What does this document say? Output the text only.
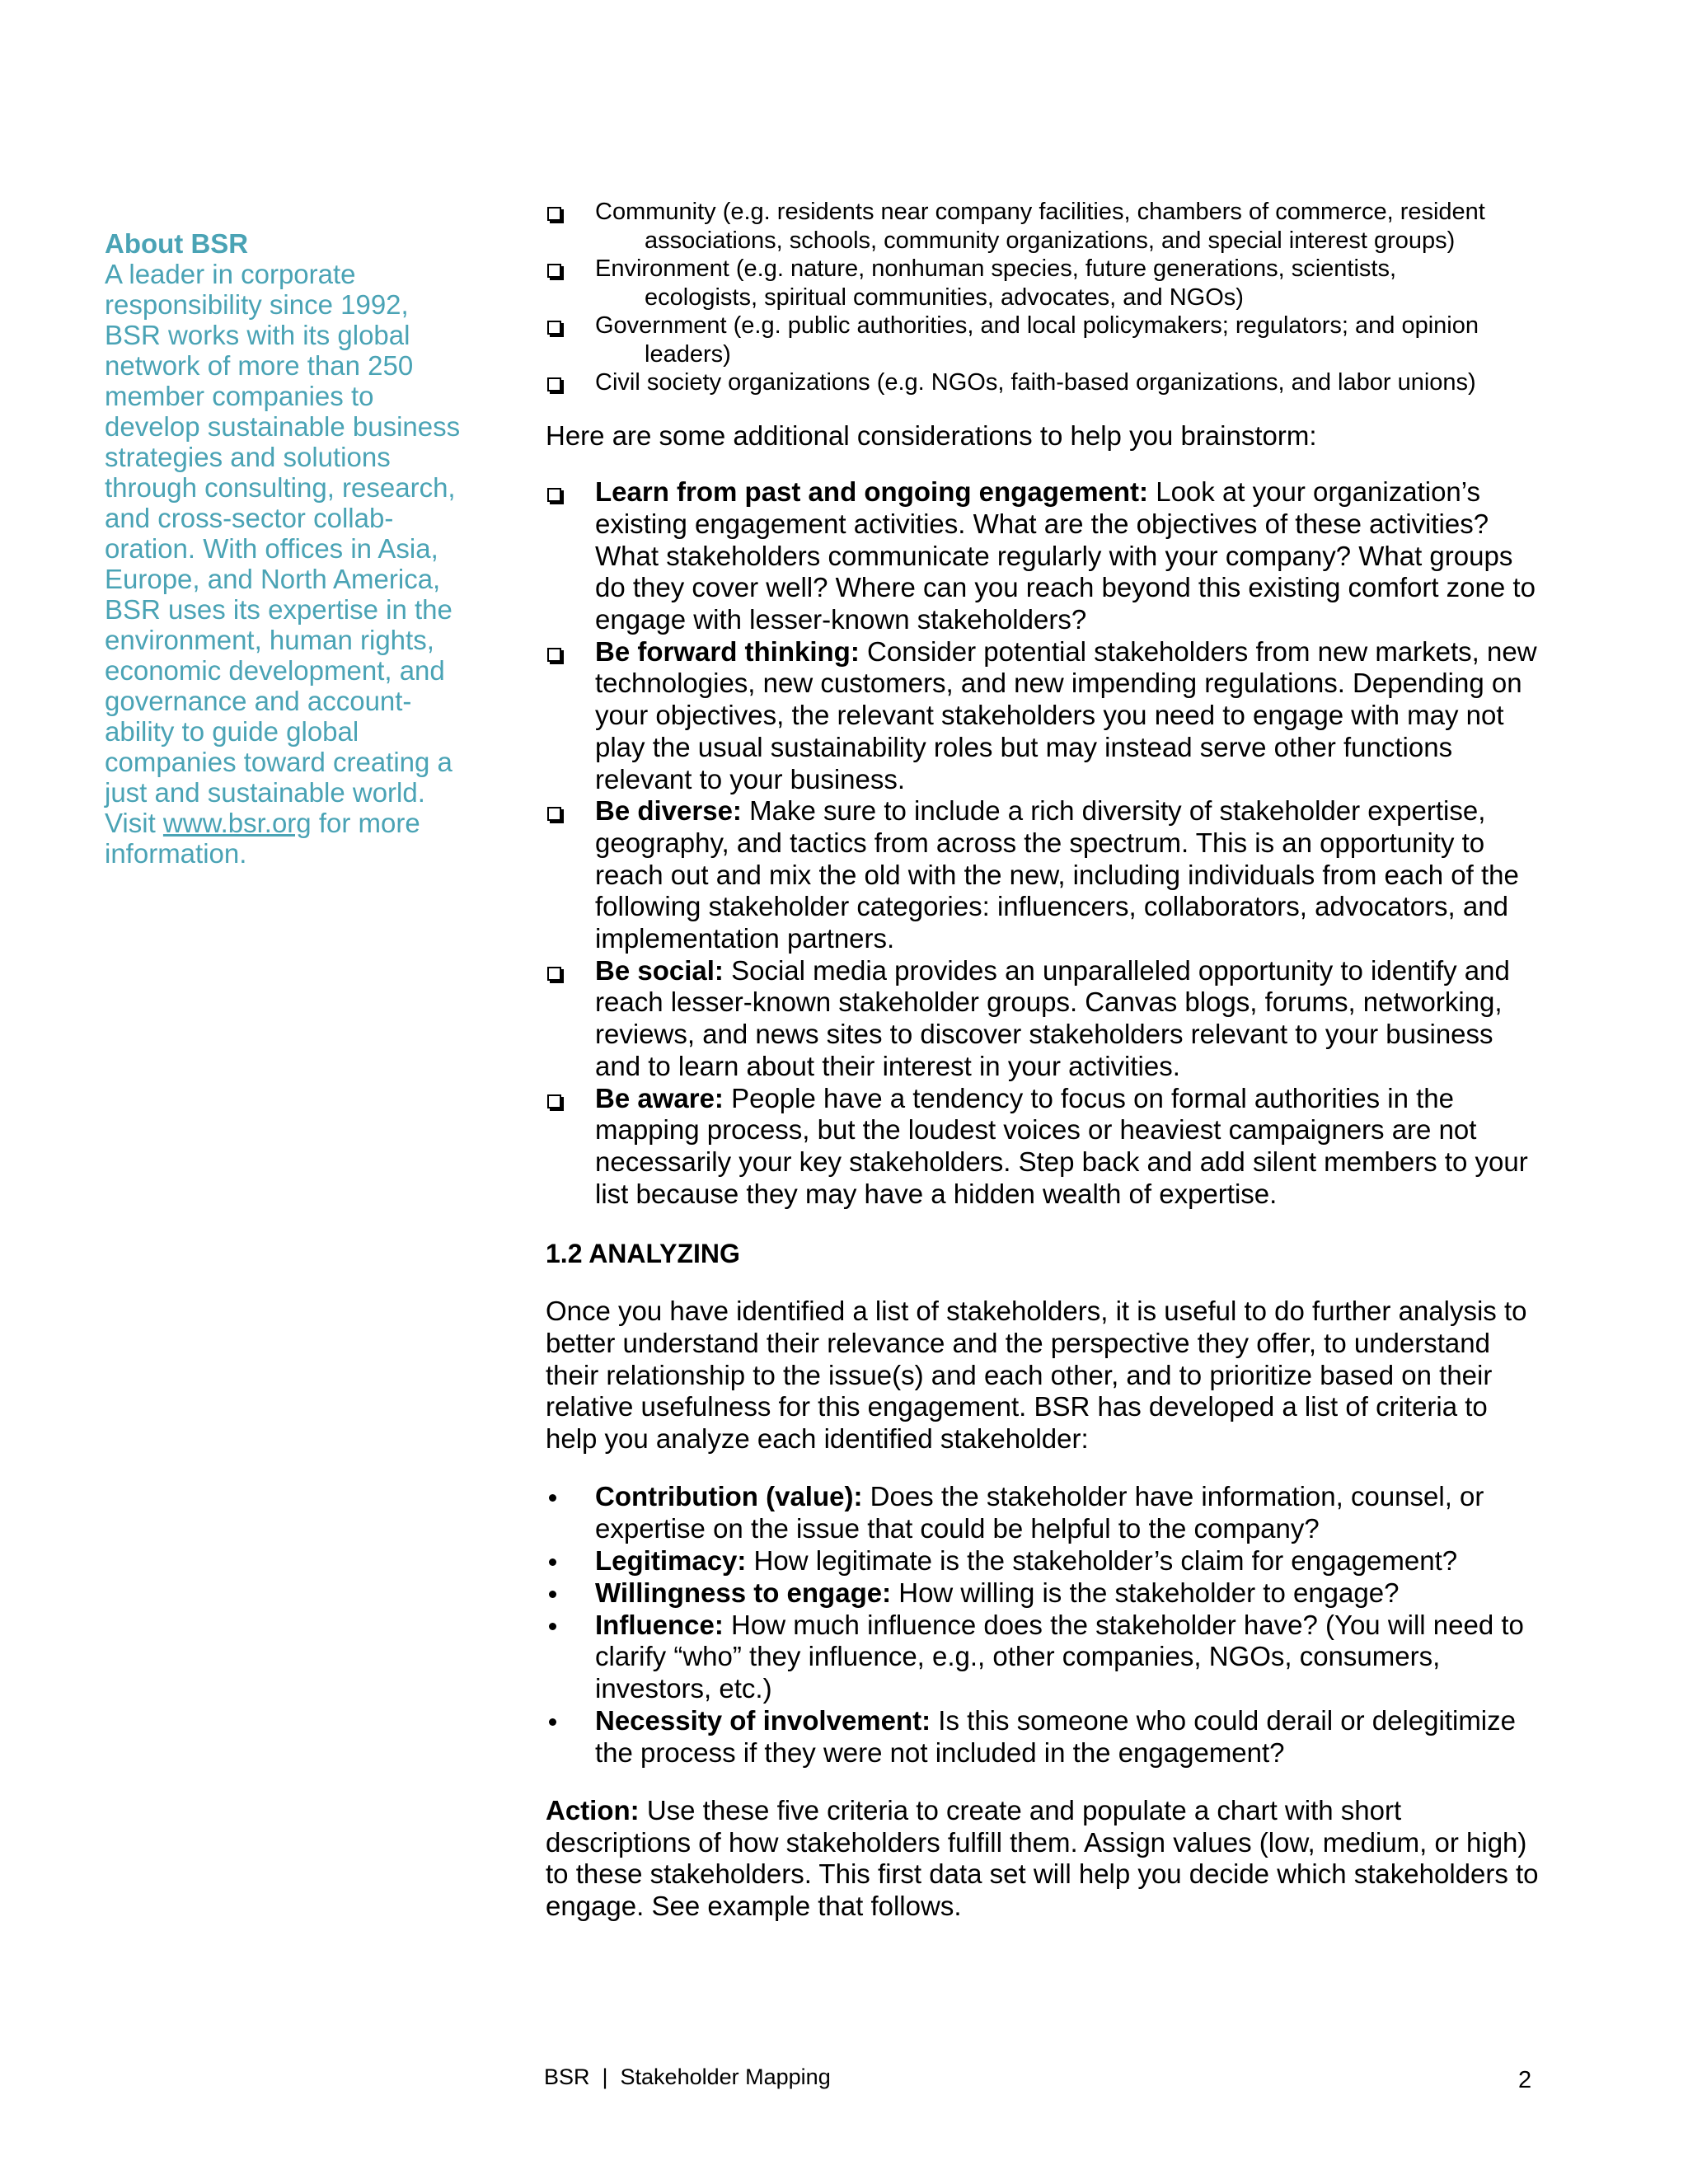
About BSR

A leader in corporate
responsibility since 1992,
BSR works with its global
network of more than 250
member companies to
develop sustainable business
strategies and solutions
through consulting, research,
and cross-sector collab-
oration. With offices in Asia,
Europe, and North America,
BSR uses its expertise in the
environment, human rights,
economic development, and
governance and account-
ability to guide global
companies toward creating a
just and sustainable world.
Visit www.bsr.org for more
information.
Community (e.g. residents near company facilities, chambers of commerce, resident
associations, schools, community organizations, and special interest groups)
Environment (e.g. nature, nonhuman species, future generations, scientists,
ecologists, spiritual communities, advocates, and NGOs)
Government (e.g. public authorities, and local policymakers; regulators; and opinion
leaders)
Civil society organizations (e.g. NGOs, faith-based organizations, and labor unions)

Here are some additional considerations to help you brainstorm:

Learn from past and ongoing engagement: Look at your organization’s existing engagement activities. What are the objectives of these activities? What stakeholders communicate regularly with your company? What groups do they cover well? Where can you reach beyond this existing comfort zone to engage with lesser-known stakeholders?
Be forward thinking: Consider potential stakeholders from new markets, new technologies, new customers, and new impending regulations. Depending on your objectives, the relevant stakeholders you need to engage with may not play the usual sustainability roles but may instead serve other functions relevant to your business.
Be diverse: Make sure to include a rich diversity of stakeholder expertise, geography, and tactics from across the spectrum. This is an opportunity to reach out and mix the old with the new, including individuals from each of the following stakeholder categories: influencers, collaborators, advocators, and implementation partners.
Be social: Social media provides an unparalleled opportunity to identify and reach lesser-known stakeholder groups. Canvas blogs, forums, networking, reviews, and news sites to discover stakeholders relevant to your business and to learn about their interest in your activities.
Be aware: People have a tendency to focus on formal authorities in the mapping process, but the loudest voices or heaviest campaigners are not necessarily your key stakeholders. Step back and add silent members to your list because they may have a hidden wealth of expertise.

1.2 ANALYZING

Once you have identified a list of stakeholders, it is useful to do further analysis to better understand their relevance and the perspective they offer, to understand their relationship to the issue(s) and each other, and to prioritize based on their relative usefulness for this engagement. BSR has developed a list of criteria to help you analyze each identified stakeholder:

Contribution (value): Does the stakeholder have information, counsel, or expertise on the issue that could be helpful to the company?
Legitimacy: How legitimate is the stakeholder’s claim for engagement?
Willingness to engage: How willing is the stakeholder to engage?
Influence: How much influence does the stakeholder have? (You will need to clarify “who” they influence, e.g., other companies, NGOs, consumers, investors, etc.)
Necessity of involvement: Is this someone who could derail or delegitimize the process if they were not included in the engagement?

Action: Use these five criteria to create and populate a chart with short descriptions of how stakeholders fulfill them. Assign values (low, medium, or high) to these stakeholders. This first data set will help you decide which stakeholders to engage. See example that follows.

BSR  |  Stakeholder Mapping	2
